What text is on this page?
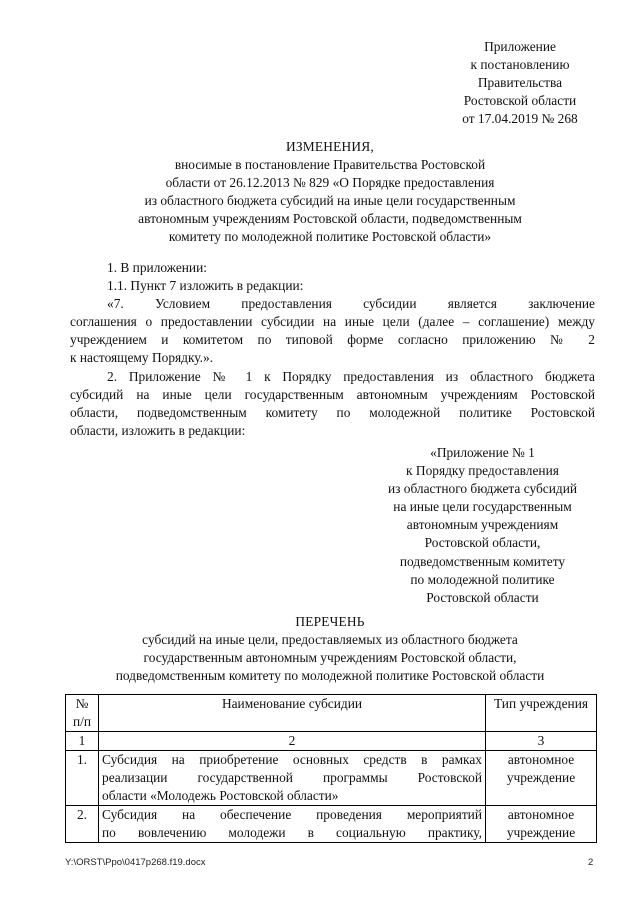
Приложение
к постановлению
Правительства
Ростовской области
от 17.04.2019 № 268
ИЗМЕНЕНИЯ,
вносимые в постановление Правительства Ростовской
области от 26.12.2013 № 829 «О Порядке предоставления
из областного бюджета субсидий на иные цели государственным
автономным учреждениям Ростовской области, подведомственным
комитету по молодежной политике Ростовской области»
1. В приложении:
1.1. Пункт 7 изложить в редакции:
«7. Условием предоставления субсидии является заключение
соглашения о предоставлении субсидии на иные цели (далее – соглашение) между
учреждением и комитетом по типовой форме согласно приложению № 2
к настоящему Порядку.».
2. Приложение № 1 к Порядку предоставления из областного бюджета
субсидий на иные цели государственным автономным учреждениям Ростовской
области, подведомственным комитету по молодежной политике Ростовской
области, изложить в редакции:
«Приложение № 1
к Порядку предоставления
из областного бюджета субсидий
на иные цели государственным
автономным учреждениям
Ростовской области,
подведомственным комитету
по молодежной политике
Ростовской области
ПЕРЕЧЕНЬ
субсидий на иные цели, предоставляемых из областного бюджета
государственным автономным учреждениям Ростовской области,
подведомственным комитету по молодежной политике Ростовской области
№
п/п	Наименование субсидии	Тип учреждения
1	2	3
1.	Субсидия на приобретение основных средств в рамках
реализации государственной программы Ростовской
области «Молодежь Ростовской области»	автономное
учреждение

2.	Субсидия на обеспечение проведения мероприятий
по вовлечению молодежи в социальную практику,	автономное
учреждение
Y:\ORST\Ppo\0417p268.f19.docx	2
